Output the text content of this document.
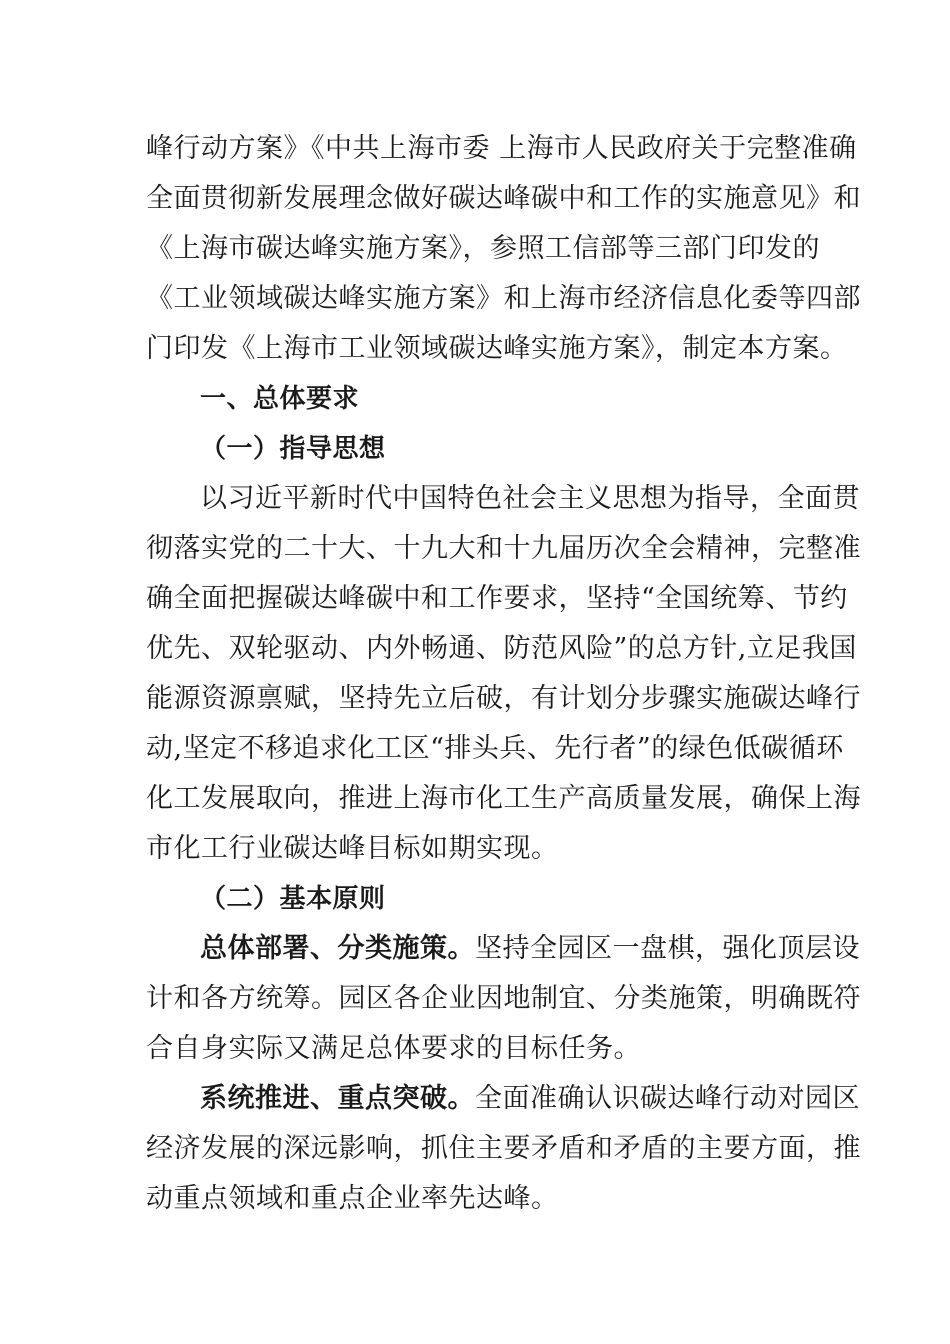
峰行动方案》《中共上海市委 上海市人民政府关于完整准确
全面贯彻新发展理念做好碳达峰碳中和工作的实施意见》和
《上海市碳达峰实施方案》，参照工信部等三部门印发的
《工业领域碳达峰实施方案》和上海市经济信息化委等四部
门印发《上海市工业领域碳达峰实施方案》，制定本方案。
一、总体要求
（一）指导思想
以习近平新时代中国特色社会主义思想为指导，全面贯
彻落实党的二十大、十九大和十九届历次全会精神，完整准
确全面把握碳达峰碳中和工作要求，坚持“全国统筹、节约
优先、双轮驱动、内外畅通、防范风险”的总方针,立足我国
能源资源禀赋，坚持先立后破，有计划分步骤实施碳达峰行
动,坚定不移追求化工区“排头兵、先行者”的绿色低碳循环
化工发展取向，推进上海市化工生产高质量发展，确保上海
市化工行业碳达峰目标如期实现。
（二）基本原则
总体部署、分类施策。坚持全园区一盘棋，强化顶层设
计和各方统筹。园区各企业因地制宜、分类施策，明确既符
合自身实际又满足总体要求的目标任务。
系统推进、重点突破。全面准确认识碳达峰行动对园区
经济发展的深远影响，抓住主要矛盾和矛盾的主要方面，推
动重点领域和重点企业率先达峰。
